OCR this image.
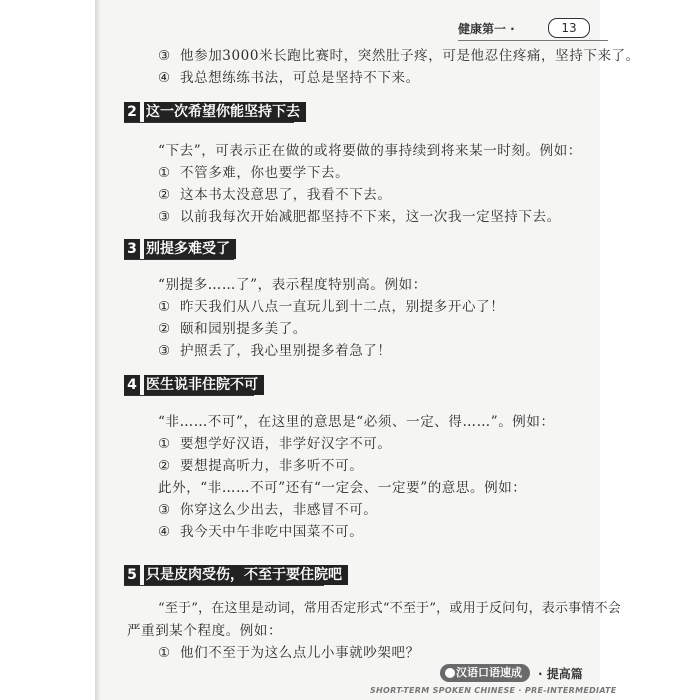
健康第一 ·	13
③ 他参加3000米长跑比赛时，突然肚子疼，可是他忍住疼痛，坚持下来了。
④ 我总想练练书法，可总是坚持不下来。
2 这一次希望你能坚持下去
“下去”，可表示正在做的或将要做的事持续到将来某一时刻。例如：
① 不管多难，你也要学下去。
② 这本书太没意思了，我看不下去。
③ 以前我每次开始减肥都坚持不下来，这一次我一定坚持下去。
3 别提多难受了
“别提多……了”，表示程度特别高。例如：
① 昨天我们从八点一直玩儿到十二点，别提多开心了！
② 颐和园别提多美了。
③ 护照丢了，我心里别提多着急了！
4 医生说非住院不可
“非……不可”，在这里的意思是“必须、一定、得……”。例如：
① 要想学好汉语，非学好汉字不可。
② 要想提高听力，非多听不可。
此外，“非……不可”还有“一定会、一定要”的意思。例如：
③ 你穿这么少出去，非感冒不可。
④ 我今天中午非吃中国菜不可。
5 只是皮肉受伤，不至于要住院吧
“至于”，在这里是动词，常用否定形式“不至于”，或用于反问句，表示事情不会
严重到某个程度。例如：
① 他们不至于为这么点儿小事就吵架吧？
汉语口语速成	· 提高篇
SHORT-TERM SPOKEN CHINESE · PRE-INTERMEDIATE
